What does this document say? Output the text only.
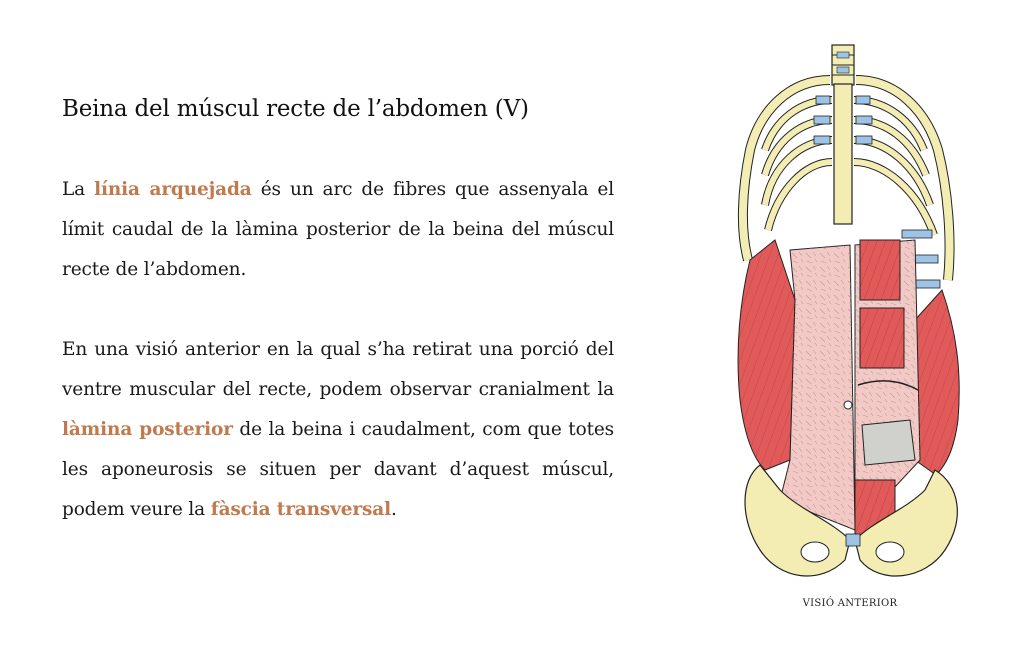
Beina del múscul recte de l’abdomen (V)

La línia arquejada és un arc de fibres que assenyala el límit caudal de la làmina posterior de la beina del múscul recte de l’abdomen.

En una visió anterior en la qual s’ha retirat una porció del ventre muscular del recte, podem observar cranialment la làmina posterior de la beina i caudalment, com que totes les aponeurosis se situen per davant d’aquest múscul, podem veure la fàscia transversal.

VISIÓ ANTERIOR
